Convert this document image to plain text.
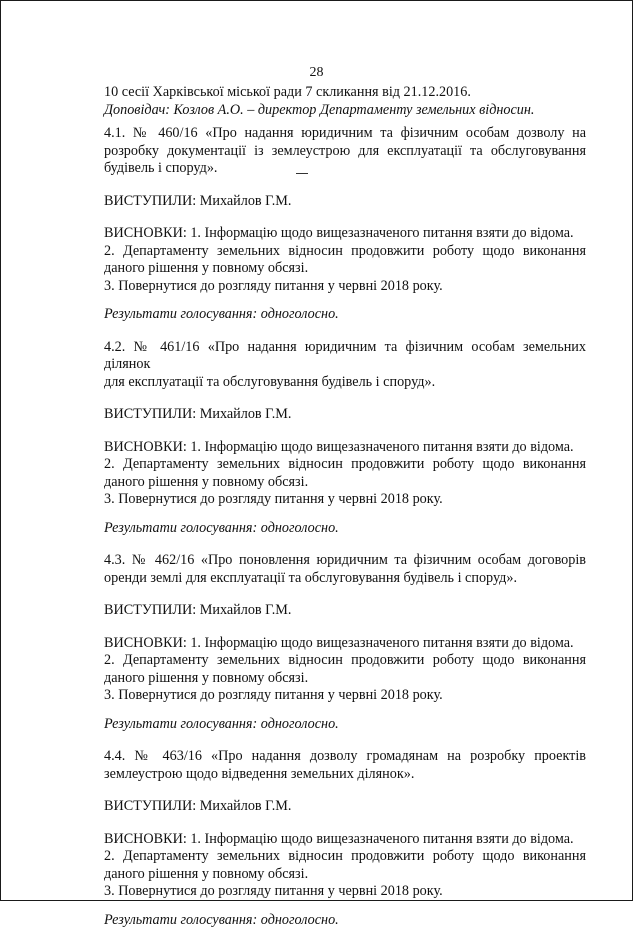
28

10 сесії Харківської міської ради 7 скликання від 21.12.2016.

Доповідач: Козлов А.О. – директор Департаменту земельних відносин.

4.1. № 460/16 «Про надання юридичним та фізичним особам дозволу на

розробку документації із землеустрою для експлуатації та обслуговування

будівель і споруд».

ВИСТУПИЛИ: Михайлов Г.М.

ВИСНОВКИ: 1. Інформацію щодо вищезазначеного питання взяти до відома.

2. Департаменту земельних відносин продовжити роботу щодо виконання

даного рішення у повному обсязі.

3. Повернутися до розгляду питання у червні 2018 року.

Результати голосування: одноголосно.

4.2. № 461/16 «Про надання юридичним та фізичним особам земельних ділянок

для експлуатації та обслуговування будівель і споруд».

ВИСТУПИЛИ: Михайлов Г.М.

ВИСНОВКИ: 1. Інформацію щодо вищезазначеного питання взяти до відома.

2. Департаменту земельних відносин продовжити роботу щодо виконання

даного рішення у повному обсязі.

3. Повернутися до розгляду питання у червні 2018 року.

Результати голосування: одноголосно.

4.3. № 462/16 «Про поновлення юридичним та фізичним особам договорів

оренди землі для експлуатації та обслуговування будівель і споруд».

ВИСТУПИЛИ: Михайлов Г.М.

ВИСНОВКИ: 1. Інформацію щодо вищезазначеного питання взяти до відома.

2. Департаменту земельних відносин продовжити роботу щодо виконання

даного рішення у повному обсязі.

3. Повернутися до розгляду питання у червні 2018 року.

Результати голосування: одноголосно.

4.4. № 463/16 «Про надання дозволу громадянам на розробку проектів

землеустрою щодо відведення земельних ділянок».

ВИСТУПИЛИ: Михайлов Г.М.

ВИСНОВКИ: 1. Інформацію щодо вищезазначеного питання взяти до відома.

2. Департаменту земельних відносин продовжити роботу щодо виконання

даного рішення у повному обсязі.

3. Повернутися до розгляду питання у червні 2018 року.

Результати голосування: одноголосно.
